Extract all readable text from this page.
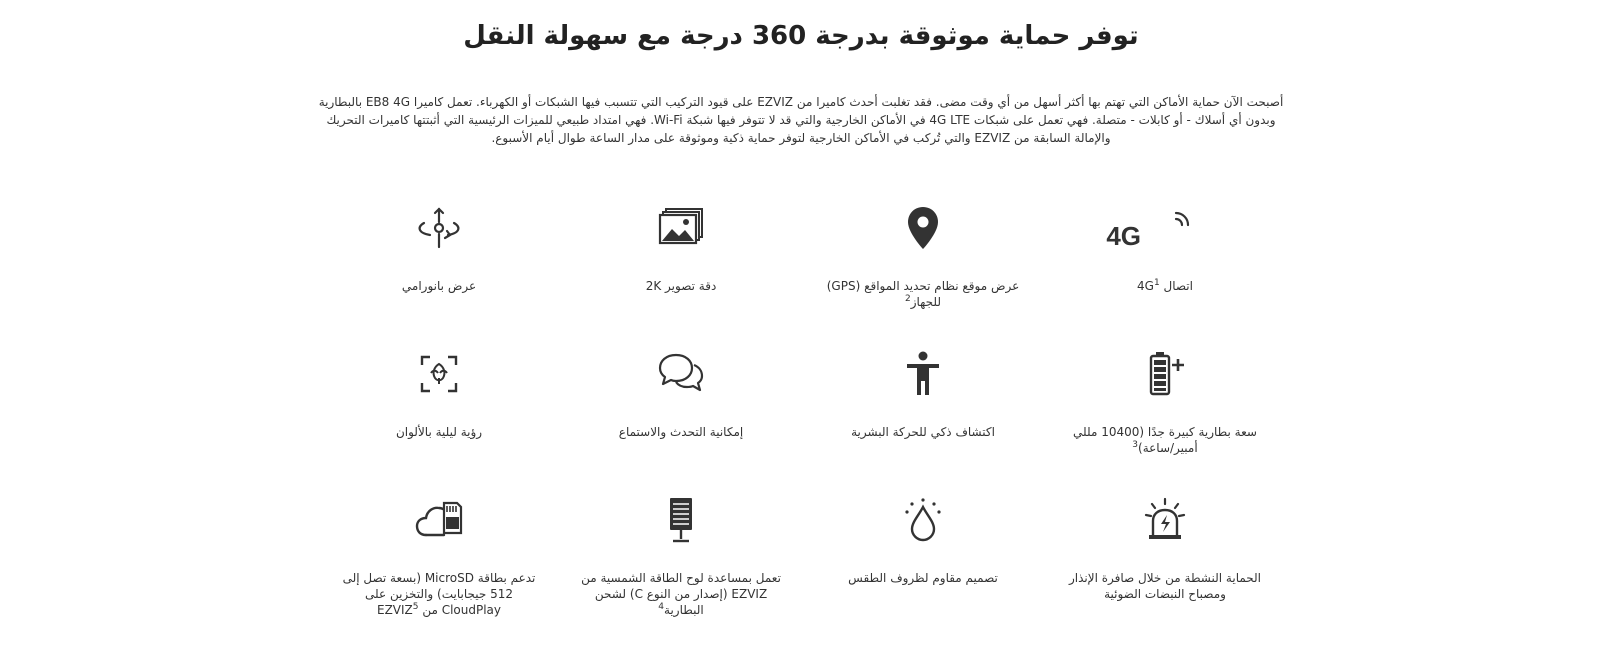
توفر حماية موثوقة بدرجة 360 درجة مع سهولة النقل

أصبحت الآن حماية الأماكن التي تهتم بها أكثر أسهل من أي وقت مضى. فقد تغلبت أحدث كاميرا من EZVIZ على قيود التركيب التي تتسبب فيها الشبكات أو الكهرباء. تعمل كاميرا EB8 4G بالبطارية وبدون أي أسلاك - أو كابلات - متصلة. فهي تعمل على شبكات 4G LTE في الأماكن الخارجية والتي قد لا تتوفر فيها شبكة Wi-Fi. فهي امتداد طبيعي للميزات الرئيسية التي أثبتتها كاميرات التحريك والإمالة السابقة من EZVIZ والتي تُركب في الأماكن الخارجية لتوفر حماية ذكية وموثوقة على مدار الساعة طوال أيام الأسبوع.

4G
اتصال $4G^1$
عرض موقع نظام تحديد المواقع (GPS) للجهاز$^2$
دقة تصوير 2K
عرض بانورامي
سعة بطارية كبيرة جدًا (10400 مللي أمبير/ساعة)$^3$
اكتشاف ذكي للحركة البشرية
إمكانية التحدث والاستماع
رؤية ليلية بالألوان
الحماية النشطة من خلال صافرة الإنذار ومصباح النبضات الضوئية
تصميم مقاوم لظروف الطقس
تعمل بمساعدة لوح الطاقة الشمسية من EZVIZ (إصدار من النوع C) لشحن البطارية$^4$
تدعم بطاقة MicroSD (بسعة تصل إلى 512 جيجابايت) والتخزين على CloudPlay من EZVIZ$^5$
